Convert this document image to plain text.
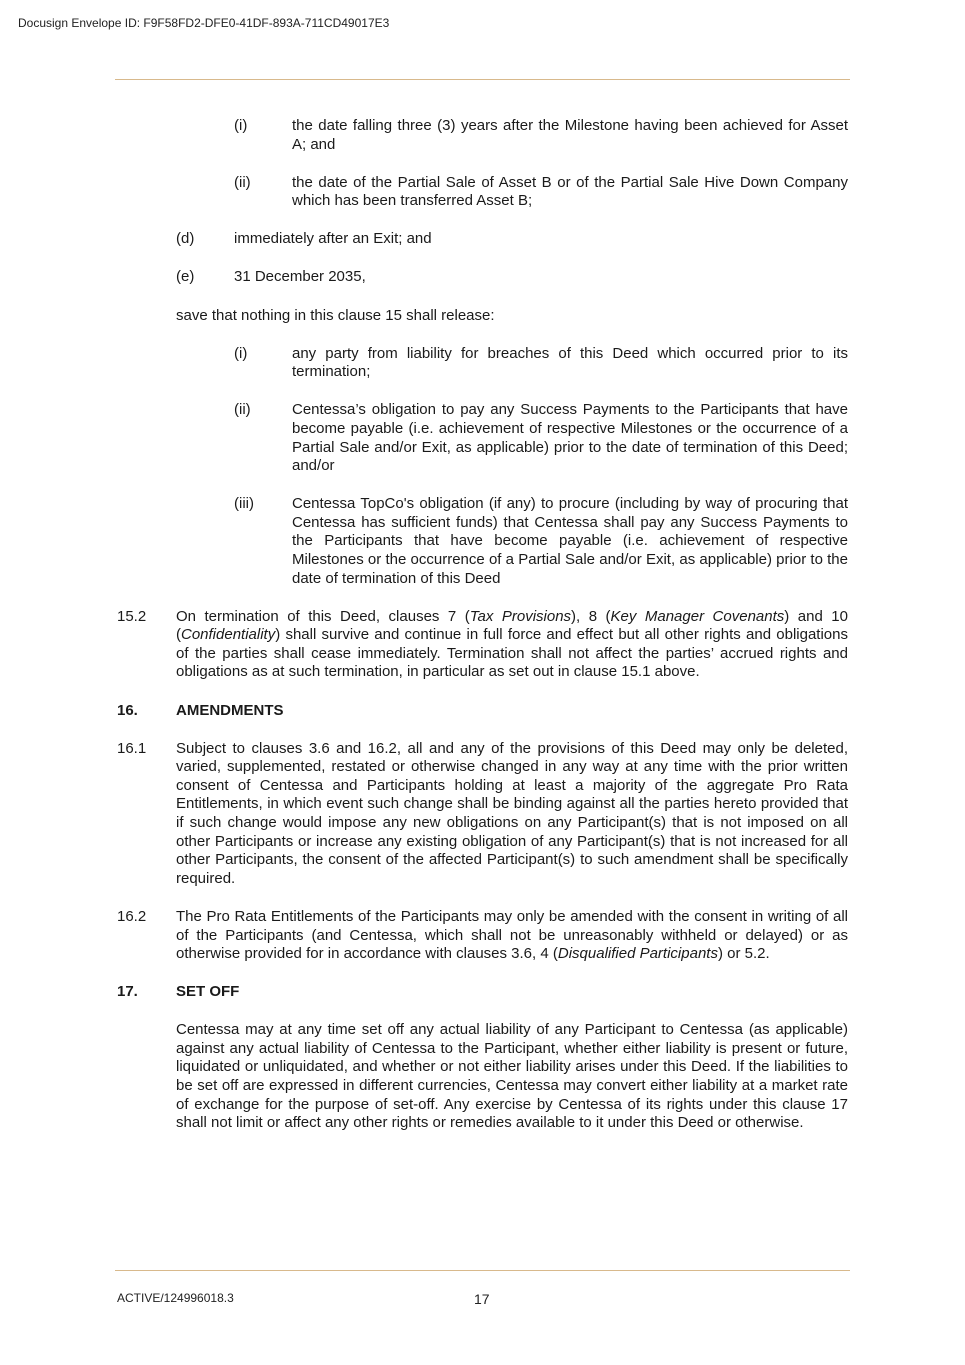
Docusign Envelope ID: F9F58FD2-DFE0-41DF-893A-711CD49017E3
(i)	the date falling three (3) years after the Milestone having been achieved for Asset A; and

(ii)	the date of the Partial Sale of Asset B or of the Partial Sale Hive Down Company which has been transferred Asset B;

(d)	immediately after an Exit; and

(e)	31 December 2035,

save that nothing in this clause 15 shall release:

(i)	any party from liability for breaches of this Deed which occurred prior to its termination;

(ii)	Centessa’s obligation to pay any Success Payments to the Participants that have become payable (i.e. achievement of respective Milestones or the occurrence of a Partial Sale and/or Exit, as applicable) prior to the date of termination of this Deed; and/or

(iii)	Centessa TopCo's obligation (if any) to procure (including by way of procuring that Centessa has sufficient funds) that Centessa shall pay any Success Payments to the Participants that have become payable (i.e. achievement of respective Milestones or the occurrence of a Partial Sale and/or Exit, as applicable) prior to the date of termination of this Deed

15.2 On termination of this Deed, clauses 7 (Tax Provisions), 8 (Key Manager Covenants) and 10 (Confidentiality) shall survive and continue in full force and effect but all other rights and obligations of the parties shall cease immediately. Termination shall not affect the parties’ accrued rights and obligations as at such termination, in particular as set out in clause 15.1 above.

16.	AMENDMENTS

16.1 Subject to clauses 3.6 and 16.2, all and any of the provisions of this Deed may only be deleted, varied, supplemented, restated or otherwise changed in any way at any time with the prior written consent of Centessa and Participants holding at least a majority of the aggregate Pro Rata Entitlements, in which event such change shall be binding against all the parties hereto provided that if such change would impose any new obligations on any Participant(s) that is not imposed on all other Participants or increase any existing obligation of any Participant(s) that is not increased for all other Participants, the consent of the affected Participant(s) to such amendment shall be specifically required.

16.2 The Pro Rata Entitlements of the Participants may only be amended with the consent in writing of all of the Participants (and Centessa, which shall not be unreasonably withheld or delayed) or as otherwise provided for in accordance with clauses 3.6, 4 (Disqualified Participants) or 5.2.

17.	SET OFF

Centessa may at any time set off any actual liability of any Participant to Centessa (as applicable) against any actual liability of Centessa to the Participant, whether either liability is present or future, liquidated or unliquidated, and whether or not either liability arises under this Deed. If the liabilities to be set off are expressed in different currencies, Centessa may convert either liability at a market rate of exchange for the purpose of set-off. Any exercise by Centessa of its rights under this clause 17 shall not limit or affect any other rights or remedies available to it under this Deed or otherwise.

ACTIVE/124996018.3	17
